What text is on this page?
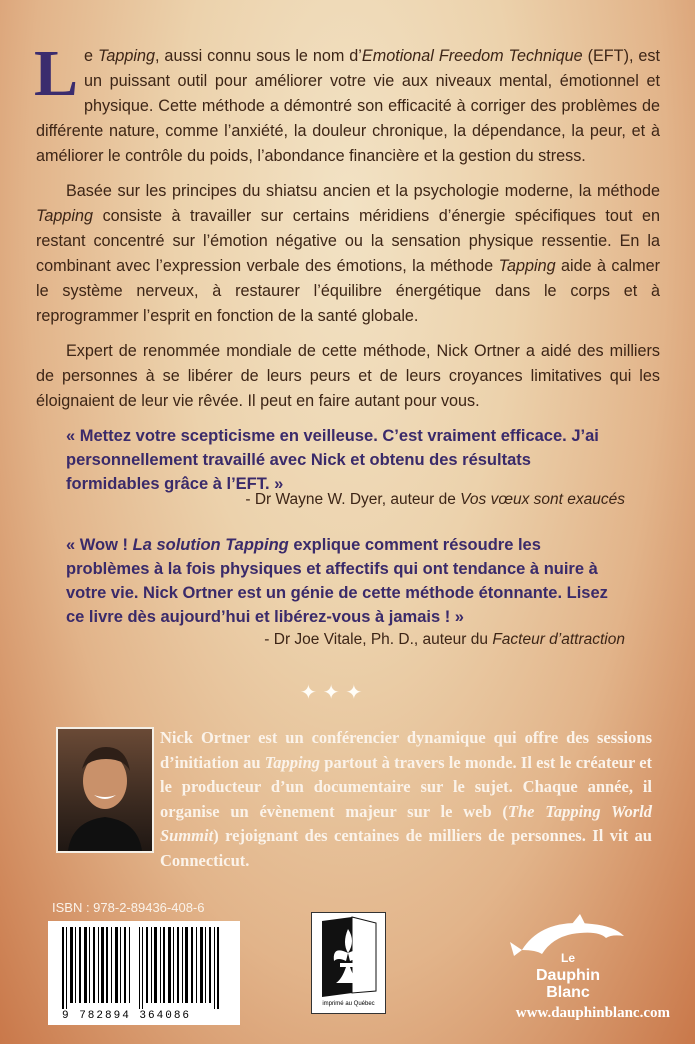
Le Tapping, aussi connu sous le nom d’Emotional Freedom Technique (EFT), est un puissant outil pour améliorer votre vie aux niveaux mental, émotionnel et physique. Cette méthode a démontré son efficacité à corriger des problèmes de différente nature, comme l’anxiété, la douleur chronique, la dépendance, la peur, et à améliorer le contrôle du poids, l’abondance financière et la gestion du stress.

Basée sur les principes du shiatsu ancien et la psychologie moderne, la méthode Tapping consiste à travailler sur certains méridiens d’énergie spécifiques tout en restant concentré sur l’émotion négative ou la sensation physique ressentie. En la combinant avec l’expression verbale des émotions, la méthode Tapping aide à calmer le système nerveux, à restaurer l’équilibre énergétique dans le corps et à reprogrammer l’esprit en fonction de la santé globale.

Expert de renommée mondiale de cette méthode, Nick Ortner a aidé des milliers de personnes à se libérer de leurs peurs et de leurs croyances limitatives qui les éloignaient de leur vie rêvée. Il peut en faire autant pour vous.

« Mettez votre scepticisme en veilleuse. C’est vraiment efficace. J’ai personnellement travaillé avec Nick et obtenu des résultats formidables grâce à l’EFT. »

- Dr Wayne W. Dyer, auteur de Vos vœux sont exaucés

« Wow ! La solution Tapping explique comment résoudre les problèmes à la fois physiques et affectifs qui ont tendance à nuire à votre vie. Nick Ortner est un génie de cette méthode étonnante. Lisez ce livre dès aujourd’hui et libérez-vous à jamais ! »

- Dr Joe Vitale, Ph. D., auteur du Facteur d’attraction
✦✦✦

Nick Ortner est un conférencier dynamique qui offre des sessions d’initiation au Tapping partout à travers le monde. Il est le créateur et le producteur d’un documentaire sur le sujet. Chaque année, il organise un évènement majeur sur le web (The Tapping World Summit) rejoignant des centaines de milliers de personnes. Il vit au Connecticut.

ISBN : 978-2-89436-408-6
9 782894 364086
imprimé au Québec
Le
Dauphin
Blanc
www.dauphinblanc.com
